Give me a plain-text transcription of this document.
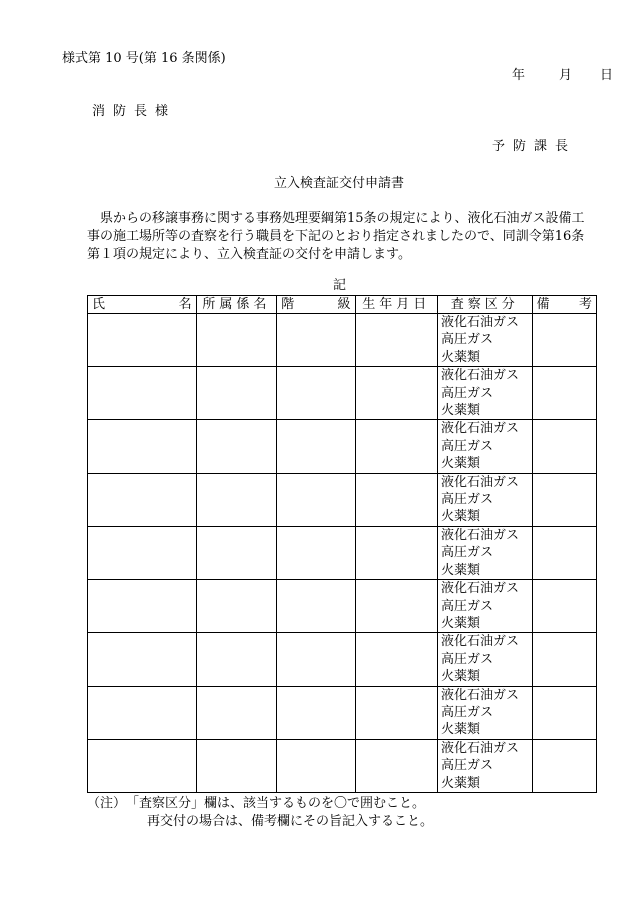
様式第 10 号(第 16 条関係)
年	月 日
消防長様
予防課長
立入検査証交付申請書

　県からの移譲事務に関する事務処理要綱第15条の規定により、液化石油ガス設備工

事の施工場所等の査察を行う職員を下記のとおり指定されましたので、同訓令第16条

第１項の規定により、立入検査証の交付を申請します。

記
氏 名	所属係名	階 級	生年月日	査察区分	備 考

				液化石油ガス
高圧ガス
火薬類	

				液化石油ガス
高圧ガス
火薬類	

				液化石油ガス
高圧ガス
火薬類	

				液化石油ガス
高圧ガス
火薬類	

				液化石油ガス
高圧ガス
火薬類	

				液化石油ガス
高圧ガス
火薬類	

				液化石油ガス
高圧ガス
火薬類	

				液化石油ガス
高圧ガス
火薬類	

				液化石油ガス
高圧ガス
火薬類	

（注）　「査察区分」欄は、該当するものを〇で囲むこと。
再交付の場合は、備考欄にその旨記入すること。
